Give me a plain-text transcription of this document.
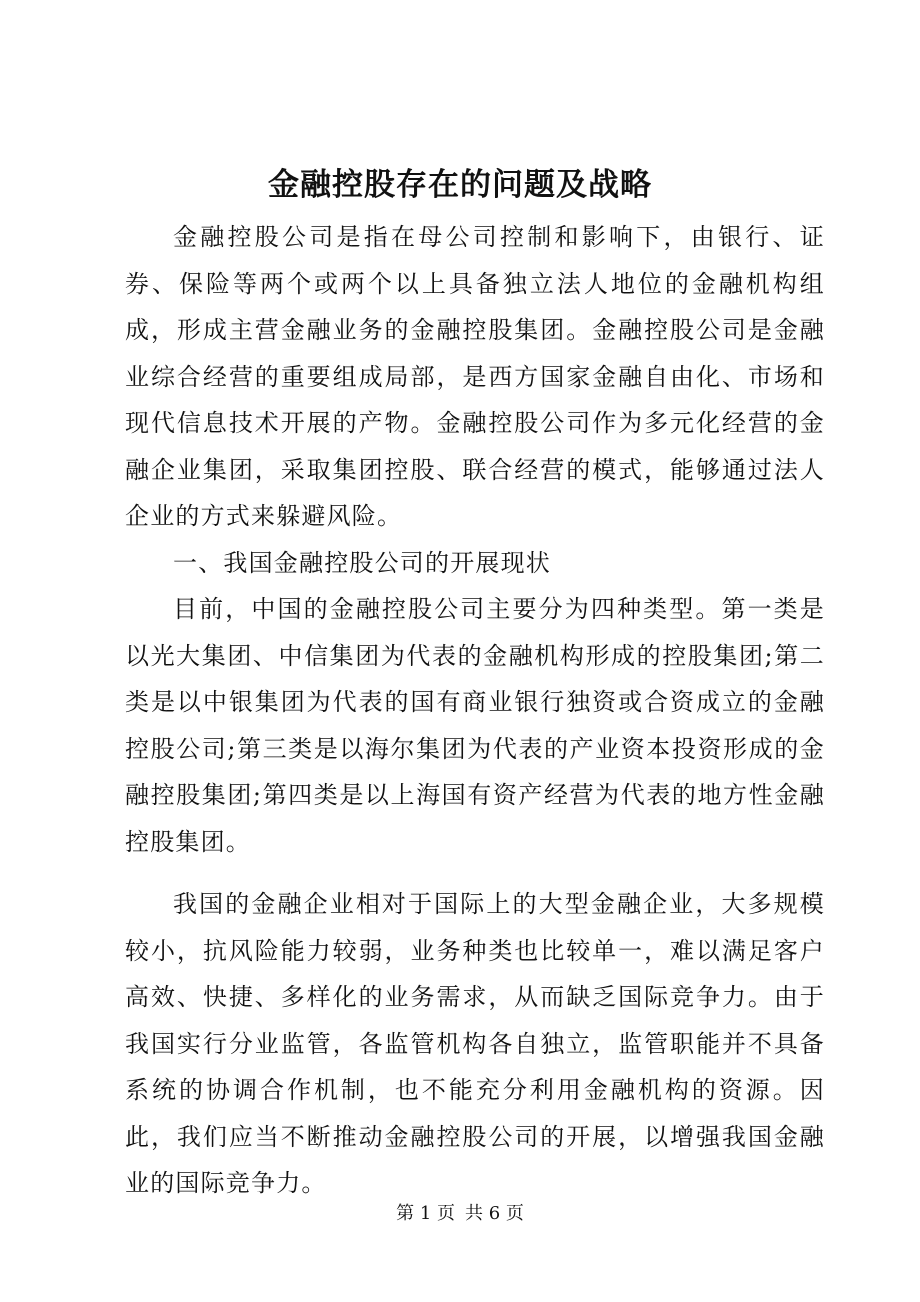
金融控股存在的问题及战略

金融控股公司是指在母公司控制和影响下，由银行、证券、保险等两个或两个以上具备独立法人地位的金融机构组成，形成主营金融业务的金融控股集团。金融控股公司是金融业综合经营的重要组成局部，是西方国家金融自由化、市场和现代信息技术开展的产物。金融控股公司作为多元化经营的金融企业集团，采取集团控股、联合经营的模式，能够通过法人企业的方式来躲避风险。

一、我国金融控股公司的开展现状

目前，中国的金融控股公司主要分为四种类型。第一类是以光大集团、中信集团为代表的金融机构形成的控股集团;第二类是以中银集团为代表的国有商业银行独资或合资成立的金融控股公司;第三类是以海尔集团为代表的产业资本投资形成的金融控股集团;第四类是以上海国有资产经营为代表的地方性金融控股集团。

我国的金融企业相对于国际上的大型金融企业，大多规模较小，抗风险能力较弱，业务种类也比较单一，难以满足客户高效、快捷、多样化的业务需求，从而缺乏国际竞争力。由于我国实行分业监管，各监管机构各自独立，监管职能并不具备系统的协调合作机制，也不能充分利用金融机构的资源。因此，我们应当不断推动金融控股公司的开展，以增强我国金融业的国际竞争力。

第 1 页 共 6 页
